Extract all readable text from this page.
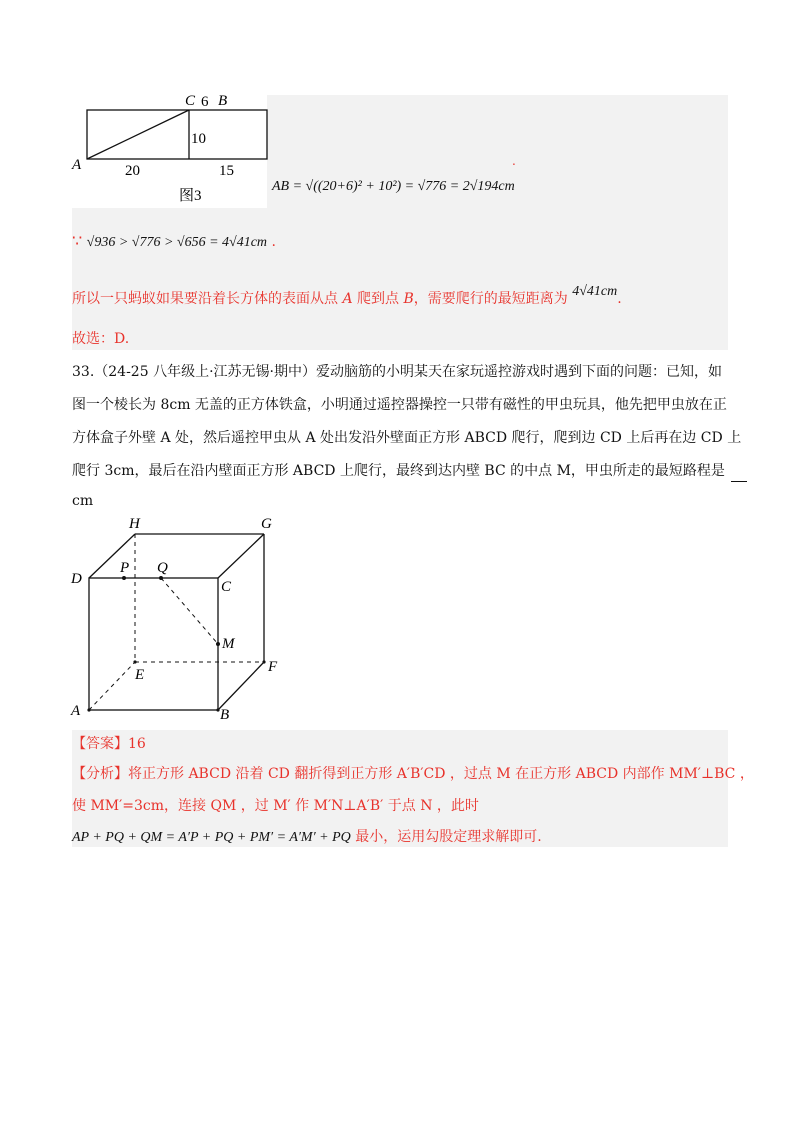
C 6 B
10
A	20	15
图3
.
AB = √((20+6)² + 10²) = √776 = 2√194cm
∵ √936 > √776 > √656 = 4√41cm .
所以一只蚂蚁如果要沿着长方体的表面从点 A 爬到点 B，需要爬行的最短距离为 4√41cm.
故选：D.
33.（24-25 八年级上·江苏无锡·期中）爱动脑筋的小明某天在家玩遥控游戏时遇到下面的问题：已知，如
图一个棱长为 8cm 无盖的正方体铁盒，小明通过遥控器操控一只带有磁性的甲虫玩具，他先把甲虫放在正
方体盒子外壁 A 处，然后遥控甲虫从 A 处出发沿外壁面正方形 ABCD 爬行，爬到边 CD 上后再在边 CD 上
爬行 3cm，最后在沿内壁面正方形 ABCD 上爬行，最终到达内壁 BC 的中点 M，甲虫所走的最短路程是
cm
H	G
D
P Q
C
M
E	F
A	B
【答案】16
【分析】将正方形 ABCD 沿着 CD 翻折得到正方形 A′B′CD ，过点 M 在正方形 ABCD 内部作 MM′⊥BC ，
使 MM′=3cm，连接 QM ，过 M′ 作 M′N⊥A′B′ 于点 N ，此时
AP + PQ + QM = A′P + PQ + PM′ = A′M′ + PQ 最小，运用勾股定理求解即可.
